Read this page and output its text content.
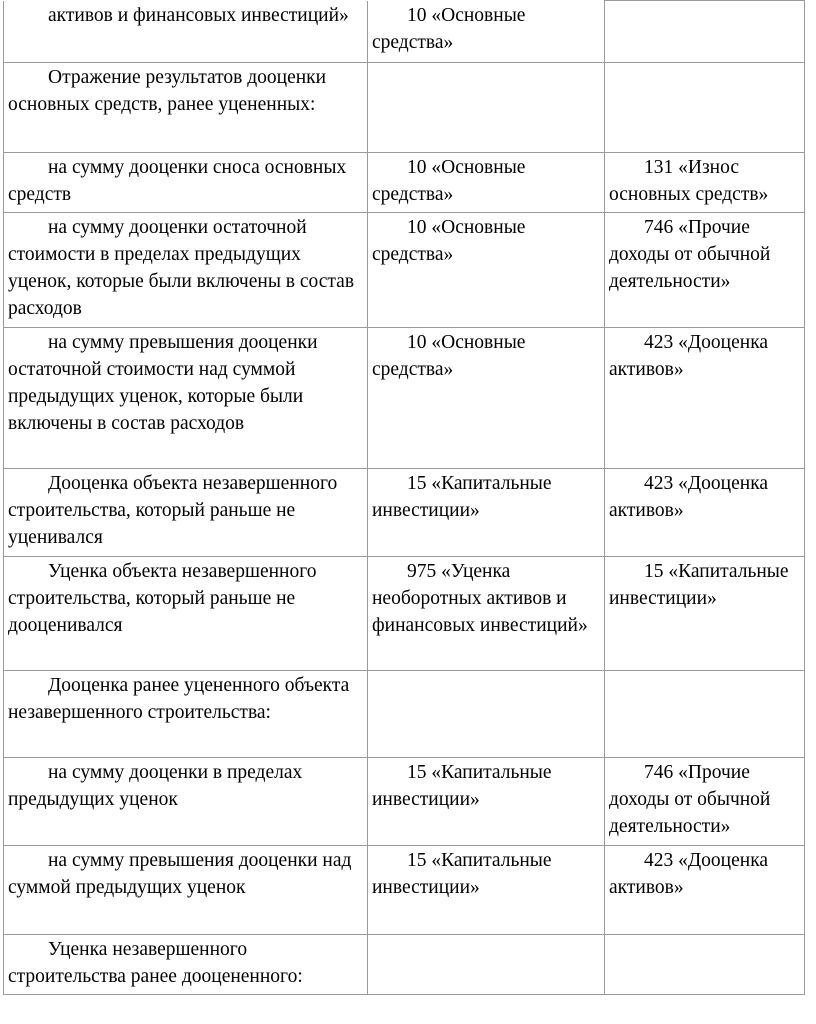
активов и финансовых инвестиций»	10 «Основные средства»	

Отражение результатов дооценки основных средств, ранее уцененных:		

на сумму дооценки сноса основных средств	10 «Основные средства»	131 «Износ основных средств»

на сумму дооценки остаточной стоимости в пределах предыдущих уценок, которые были включены в состав расходов	10 «Основные средства»	746 «Прочие доходы от обычной деятельности»

на сумму превышения дооценки остаточной стоимости над суммой предыдущих уценок, которые были включены в состав расходов	10 «Основные средства»	423 «Дооценка активов»

Дооценка объекта незавершенного строительства, который раньше не уценивался	15 «Капитальные инвестиции»	423 «Дооценка активов»

Уценка объекта незавершенного строительства, который раньше не дооценивался	975 «Уценка необоротных активов и финансовых инвестиций»	15 «Капитальные инвестиции»

Дооценка ранее уцененного объекта незавершенного строительства:		

на сумму дооценки в пределах предыдущих уценок	15 «Капитальные инвестиции»	746 «Прочие доходы от обычной деятельности»

на сумму превышения дооценки над суммой предыдущих уценок	15 «Капитальные инвестиции»	423 «Дооценка активов»

Уценка незавершенного строительства ранее дооцененного:		
